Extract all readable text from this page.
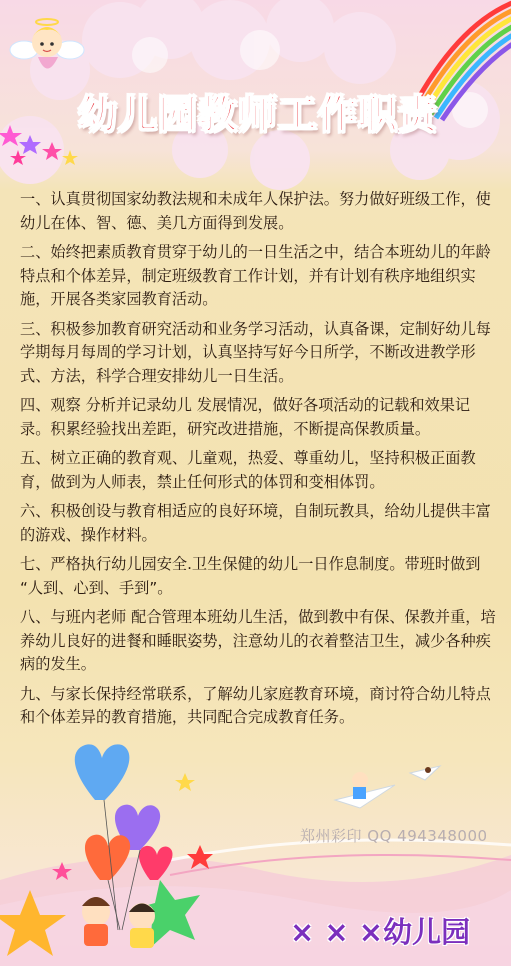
幼儿园教师工作职责
一、认真贯彻国家幼教法规和未成年人保护法。努力做好班级工作，使幼儿在体、智、德、美几方面得到发展。
二、始终把素质教育贯穿于幼儿的一日生活之中，结合本班幼儿的年龄特点和个体差异，制定班级教育工作计划，并有计划有秩序地组织实施，开展各类家园教育活动。
三、积极参加教育研究活动和业务学习活动，认真备课，定制好幼儿每学期每月每周的学习计划，认真坚持写好今日所学，不断改进教学形式、方法，科学合理安排幼儿一日生活。
四、观察 分析并记录幼儿 发展情况，做好各项活动的记载和效果记录。积累经验找出差距，研究改进措施，不断提高保教质量。
五、树立正确的教育观、儿童观，热爱、尊重幼儿，坚持积极正面教育，做到为人师表，禁止任何形式的体罚和变相体罚。
六、积极创设与教育相适应的良好环境，自制玩教具，给幼儿提供丰富的游戏、操作材料。
七、严格执行幼儿园安全.卫生保健的幼儿一日作息制度。带班时做到 “人到、心到、手到”。
八、与班内老师 配合管理本班幼儿生活，做到教中有保、保教并重，培养幼儿良好的进餐和睡眠姿势，注意幼儿的衣着整洁卫生，减少各种疾病的发生。
九、与家长保持经常联系，了解幼儿家庭教育环境，商讨符合幼儿特点和个体差异的教育措施，共同配合完成教育任务。
郑州彩印 QQ 494348000
× × ×幼儿园
